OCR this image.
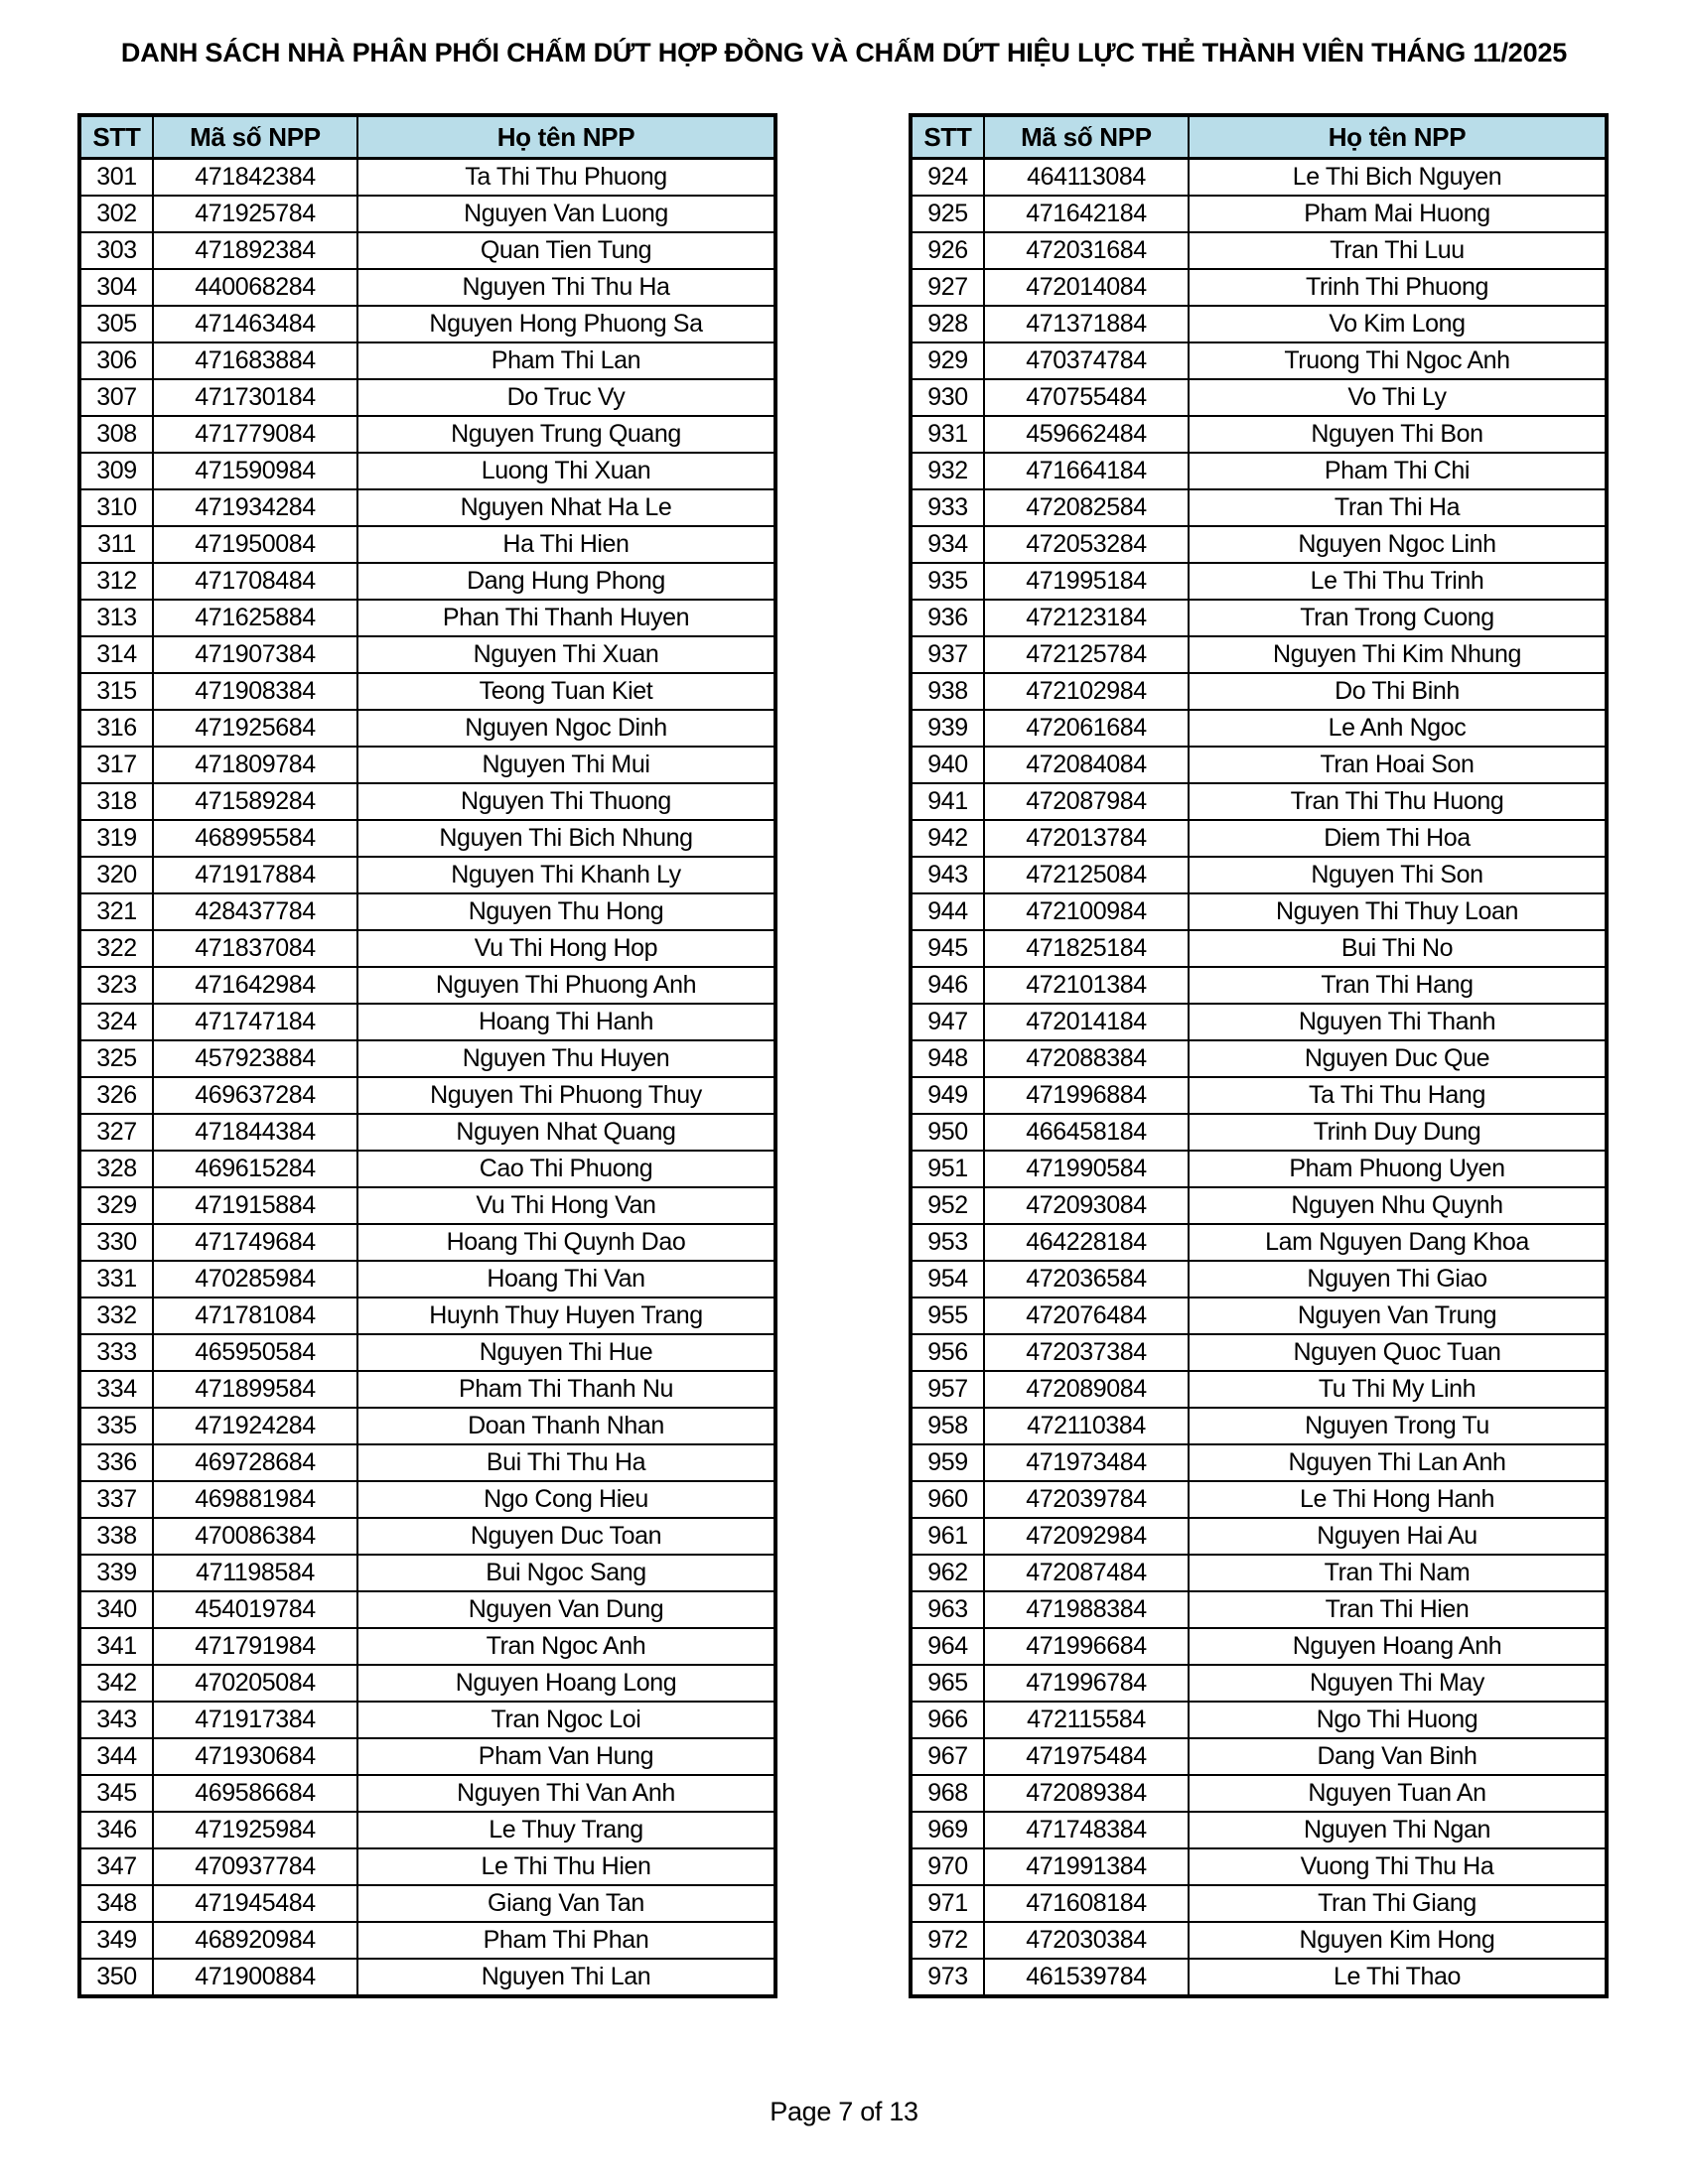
DANH SÁCH NHÀ PHÂN PHỐI CHẤM DỨT HỢP ĐỒNG VÀ CHẤM DỨT HIỆU LỰC THẺ THÀNH VIÊN THÁNG 11/2025
STT	Mã số NPP	Họ tên NPP
301	471842384	Ta Thi Thu Phuong
302	471925784	Nguyen Van Luong
303	471892384	Quan Tien Tung
304	440068284	Nguyen Thi Thu Ha
305	471463484	Nguyen Hong Phuong Sa
306	471683884	Pham Thi Lan
307	471730184	Do Truc Vy
308	471779084	Nguyen Trung Quang
309	471590984	Luong Thi Xuan
310	471934284	Nguyen Nhat Ha Le
311	471950084	Ha Thi Hien
312	471708484	Dang Hung Phong
313	471625884	Phan Thi Thanh Huyen
314	471907384	Nguyen Thi Xuan
315	471908384	Teong Tuan Kiet
316	471925684	Nguyen Ngoc Dinh
317	471809784	Nguyen Thi Mui
318	471589284	Nguyen Thi Thuong
319	468995584	Nguyen Thi Bich Nhung
320	471917884	Nguyen Thi Khanh Ly
321	428437784	Nguyen Thu Hong
322	471837084	Vu Thi Hong Hop
323	471642984	Nguyen Thi Phuong Anh
324	471747184	Hoang Thi Hanh
325	457923884	Nguyen Thu Huyen
326	469637284	Nguyen Thi Phuong Thuy
327	471844384	Nguyen Nhat Quang
328	469615284	Cao Thi Phuong
329	471915884	Vu Thi Hong Van
330	471749684	Hoang Thi Quynh Dao
331	470285984	Hoang Thi Van
332	471781084	Huynh Thuy Huyen Trang
333	465950584	Nguyen Thi Hue
334	471899584	Pham Thi Thanh Nu
335	471924284	Doan Thanh Nhan
336	469728684	Bui Thi Thu Ha
337	469881984	Ngo Cong Hieu
338	470086384	Nguyen Duc Toan
339	471198584	Bui Ngoc Sang
340	454019784	Nguyen Van Dung
341	471791984	Tran Ngoc Anh
342	470205084	Nguyen Hoang Long
343	471917384	Tran Ngoc Loi
344	471930684	Pham Van Hung
345	469586684	Nguyen Thi Van Anh
346	471925984	Le Thuy Trang
347	470937784	Le Thi Thu Hien
348	471945484	Giang Van Tan
349	468920984	Pham Thi Phan
350	471900884	Nguyen Thi Lan
STT	Mã số NPP	Họ tên NPP
924	464113084	Le Thi Bich Nguyen
925	471642184	Pham Mai Huong
926	472031684	Tran Thi Luu
927	472014084	Trinh Thi Phuong
928	471371884	Vo Kim Long
929	470374784	Truong Thi Ngoc Anh
930	470755484	Vo Thi Ly
931	459662484	Nguyen Thi Bon
932	471664184	Pham Thi Chi
933	472082584	Tran Thi Ha
934	472053284	Nguyen Ngoc Linh
935	471995184	Le Thi Thu Trinh
936	472123184	Tran Trong Cuong
937	472125784	Nguyen Thi Kim Nhung
938	472102984	Do Thi Binh
939	472061684	Le Anh Ngoc
940	472084084	Tran Hoai Son
941	472087984	Tran Thi Thu Huong
942	472013784	Diem Thi Hoa
943	472125084	Nguyen Thi Son
944	472100984	Nguyen Thi Thuy Loan
945	471825184	Bui Thi No
946	472101384	Tran Thi Hang
947	472014184	Nguyen Thi Thanh
948	472088384	Nguyen Duc Que
949	471996884	Ta Thi Thu Hang
950	466458184	Trinh Duy Dung
951	471990584	Pham Phuong Uyen
952	472093084	Nguyen Nhu Quynh
953	464228184	Lam Nguyen Dang Khoa
954	472036584	Nguyen Thi Giao
955	472076484	Nguyen Van Trung
956	472037384	Nguyen Quoc Tuan
957	472089084	Tu Thi My Linh
958	472110384	Nguyen Trong Tu
959	471973484	Nguyen Thi Lan Anh
960	472039784	Le Thi Hong Hanh
961	472092984	Nguyen Hai Au
962	472087484	Tran Thi Nam
963	471988384	Tran Thi Hien
964	471996684	Nguyen Hoang Anh
965	471996784	Nguyen Thi May
966	472115584	Ngo Thi Huong
967	471975484	Dang Van Binh
968	472089384	Nguyen Tuan An
969	471748384	Nguyen Thi Ngan
970	471991384	Vuong Thi Thu Ha
971	471608184	Tran Thi Giang
972	472030384	Nguyen Kim Hong
973	461539784	Le Thi Thao
Page 7 of 13
